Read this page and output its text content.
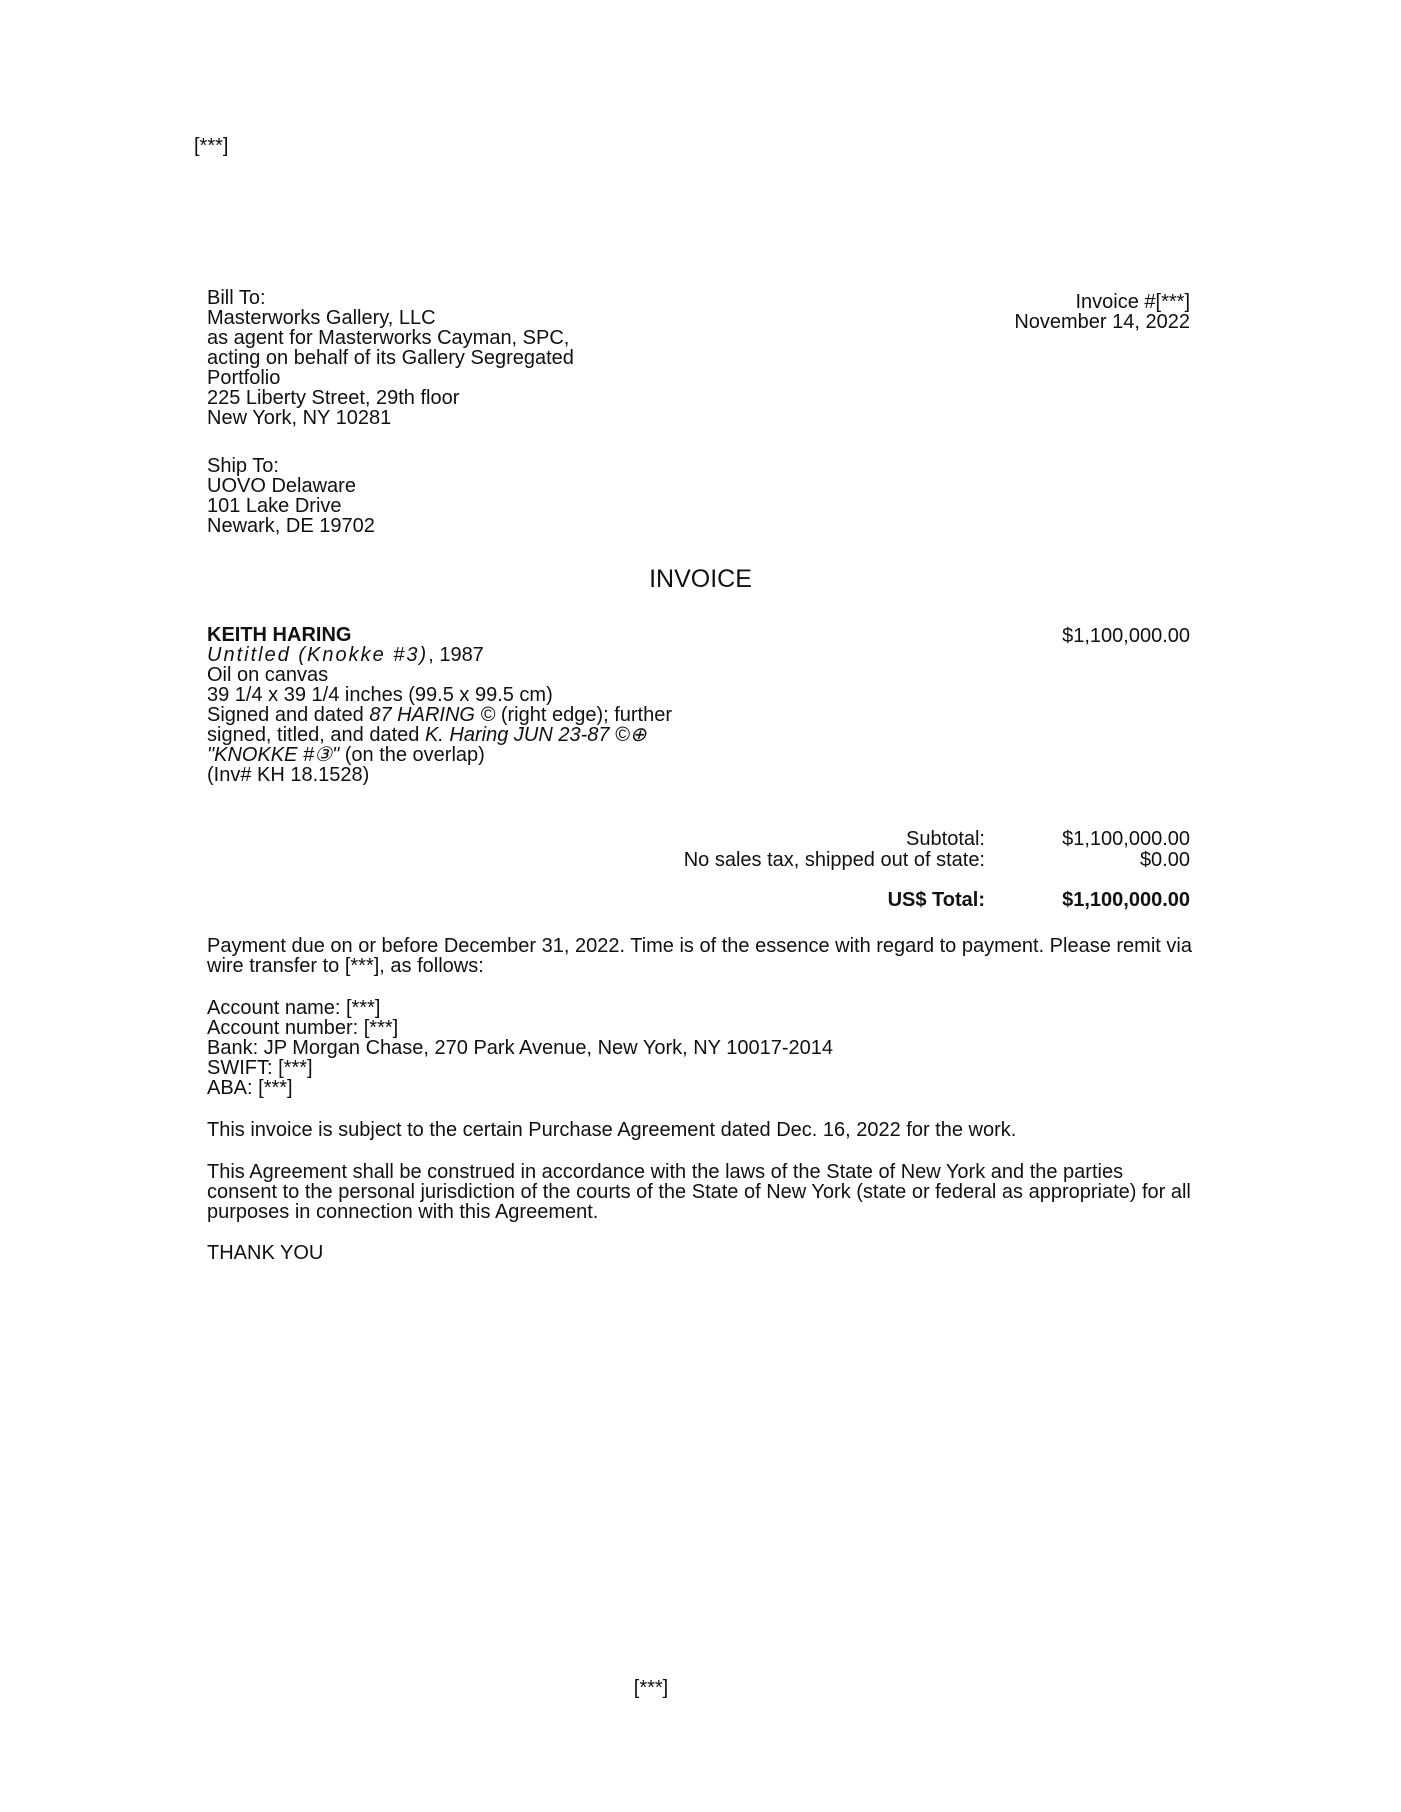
[***]
Bill To:
Masterworks Gallery, LLC
as agent for Masterworks Cayman, SPC,
acting on behalf of its Gallery Segregated
Portfolio
225 Liberty Street, 29th floor
New York, NY 10281
Invoice #[***]
November 14, 2022
Ship To:
UOVO Delaware
101 Lake Drive
Newark, DE 19702
INVOICE
KEITH HARING
Untitled (Knokke #3), 1987
Oil on canvas
39 1/4 x 39 1/4 inches (99.5 x 99.5 cm)
Signed and dated 87 HARING © (right edge); further
signed, titled, and dated K. Haring JUN 23-87 ©⊕
"KNOKKE #③" (on the overlap)
(Inv# KH 18.1528)
$1,100,000.00
Subtotal:	$1,100,000.00
No sales tax, shipped out of state:	$0.00
US$ Total:	$1,100,000.00

Payment due on or before December 31, 2022. Time is of the essence with regard to payment. Please remit via wire transfer to [***], as follows:

Account name: [***]
Account number: [***]
Bank: JP Morgan Chase, 270 Park Avenue, New York, NY 10017-2014
SWIFT: [***]
ABA: [***]
This invoice is subject to the certain Purchase Agreement dated Dec. 16, 2022 for the work.

This Agreement shall be construed in accordance with the laws of the State of New York and the parties consent to the personal jurisdiction of the courts of the State of New York (state or federal as appropriate) for all purposes in connection with this Agreement.

THANK YOU
[***]
